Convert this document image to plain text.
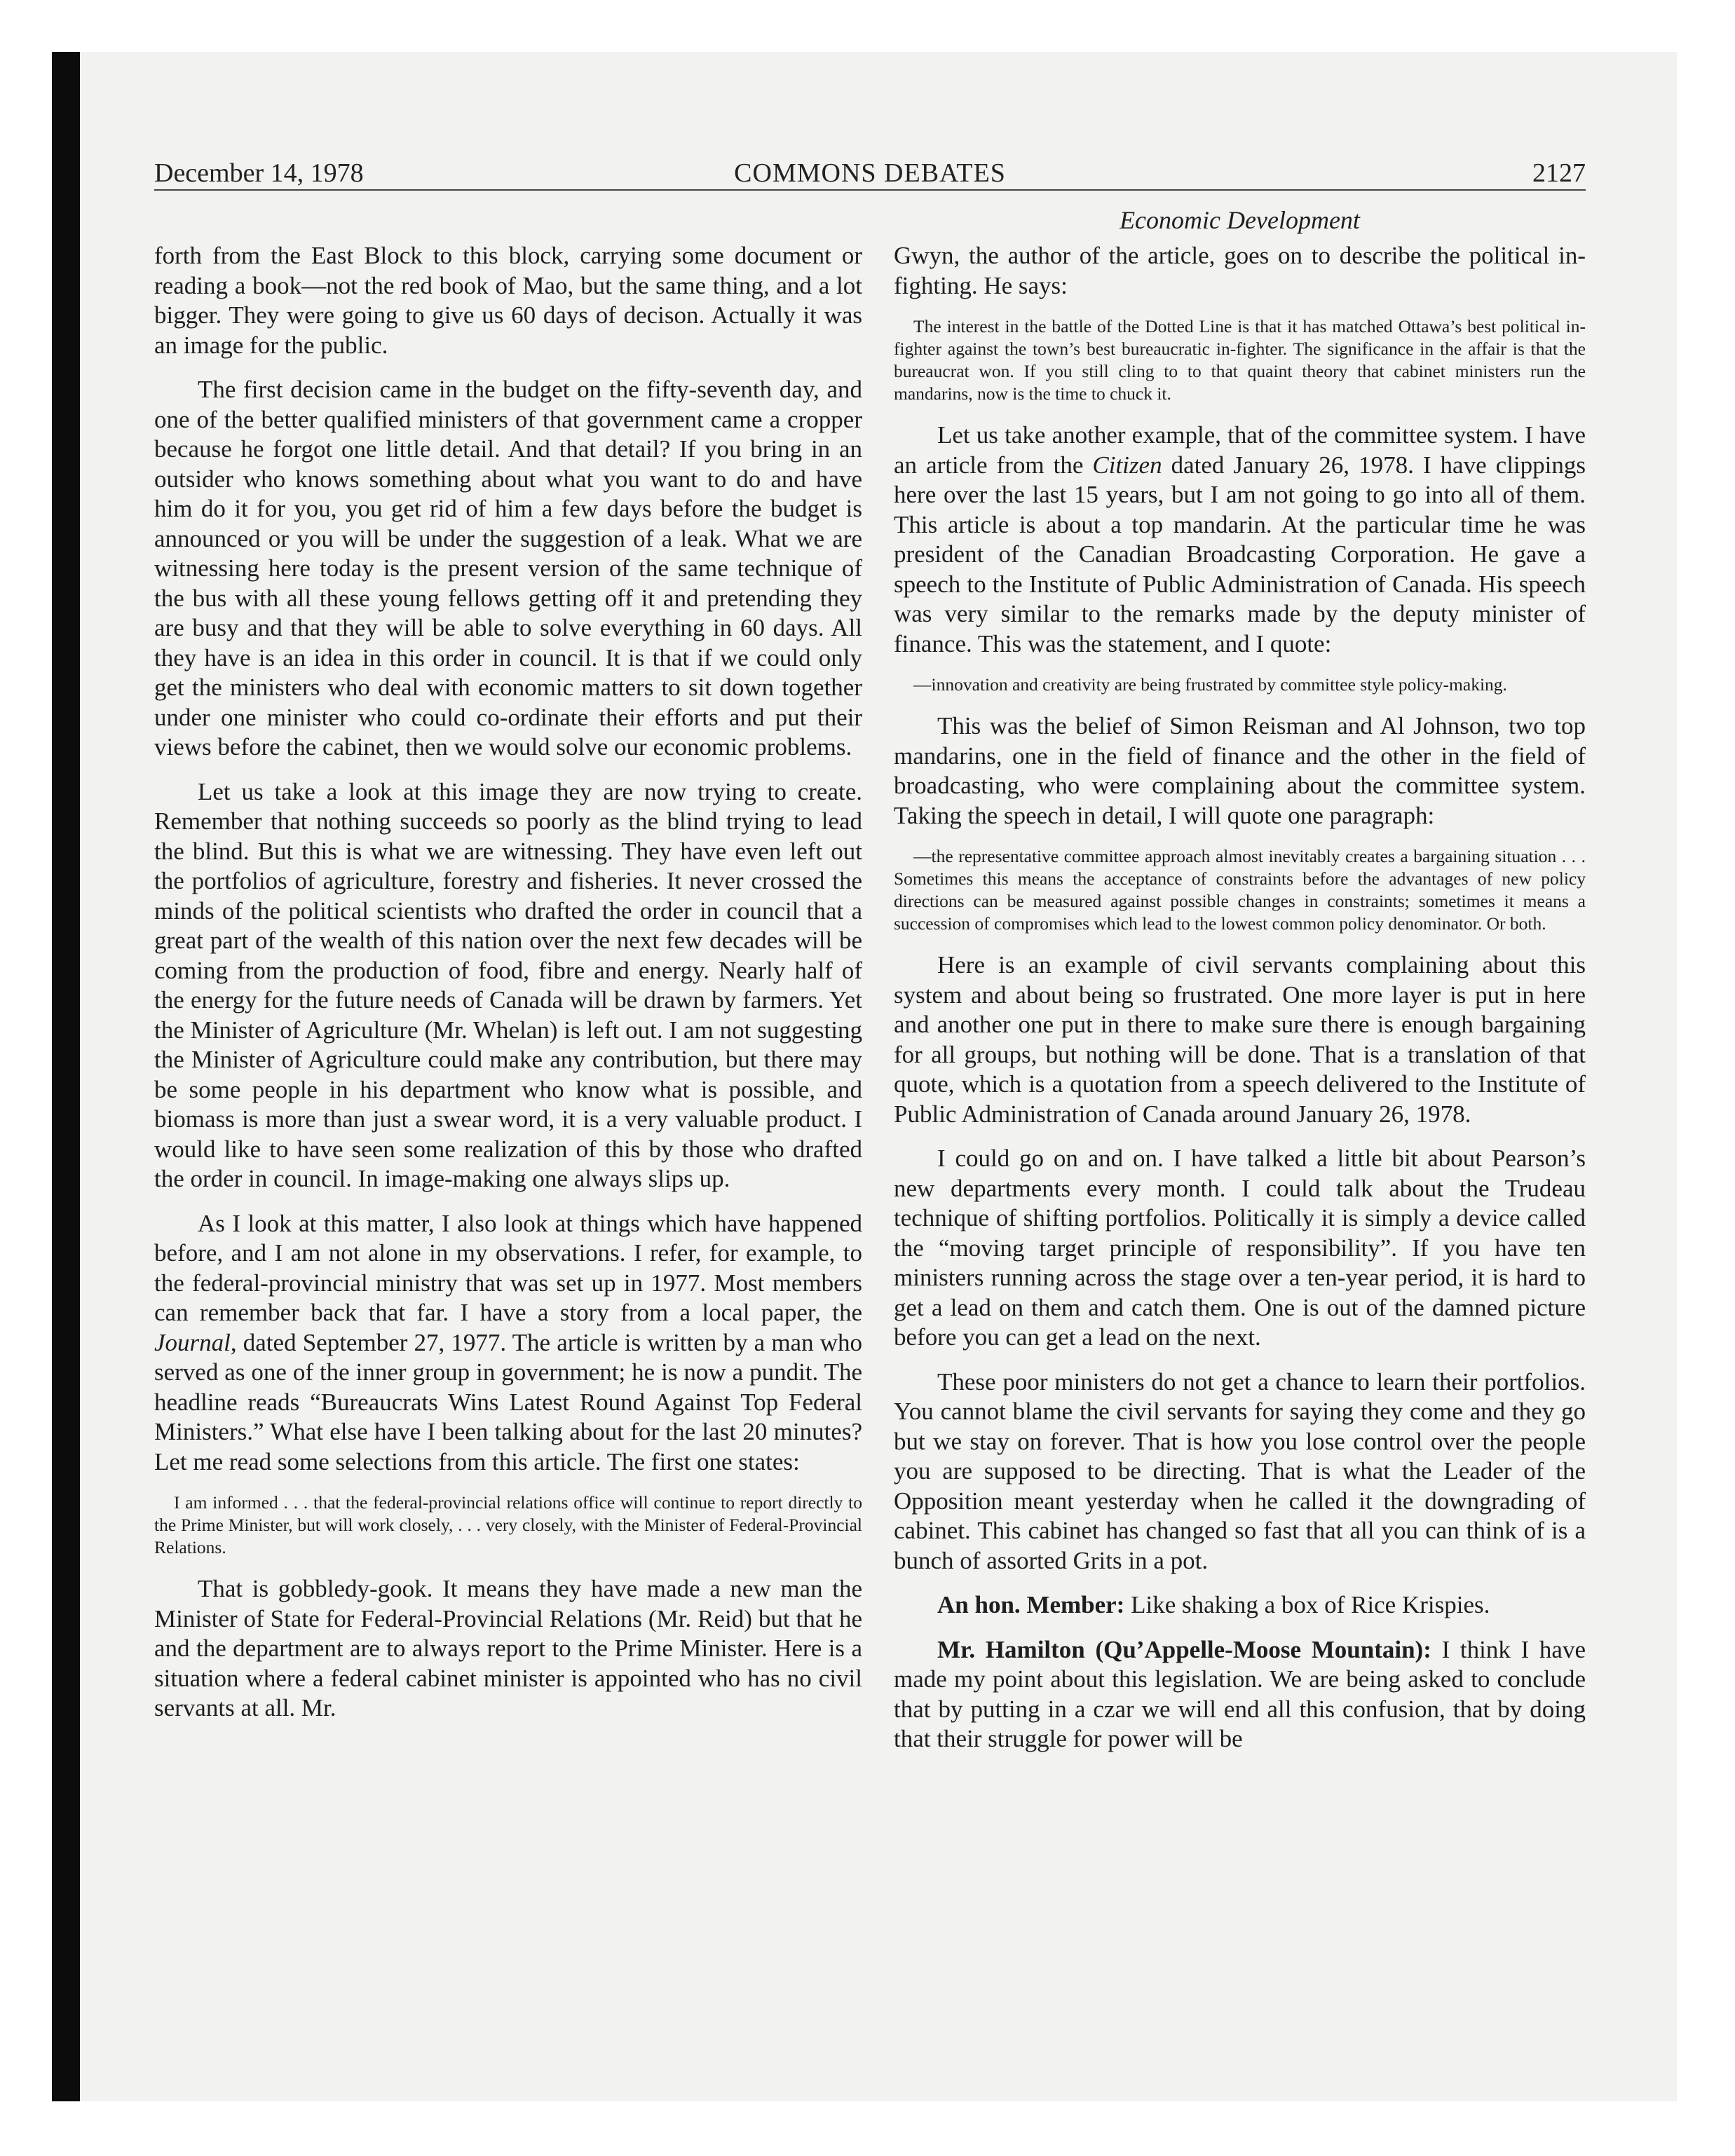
December 14, 1978	COMMONS DEBATES	2127
Economic Development

forth from the East Block to this block, carrying some document or reading a book—not the red book of Mao, but the same thing, and a lot bigger. They were going to give us 60 days of decison. Actually it was an image for the public.

The first decision came in the budget on the fifty-seventh day, and one of the better qualified ministers of that government came a cropper because he forgot one little detail. And that detail? If you bring in an outsider who knows something about what you want to do and have him do it for you, you get rid of him a few days before the budget is announced or you will be under the suggestion of a leak. What we are witnessing here today is the present version of the same technique of the bus with all these young fellows getting off it and pretending they are busy and that they will be able to solve everything in 60 days. All they have is an idea in this order in council. It is that if we could only get the ministers who deal with economic matters to sit down together under one minister who could co-ordinate their efforts and put their views before the cabinet, then we would solve our economic problems.

Let us take a look at this image they are now trying to create. Remember that nothing succeeds so poorly as the blind trying to lead the blind. But this is what we are witnessing. They have even left out the portfolios of agriculture, forestry and fisheries. It never crossed the minds of the political scientists who drafted the order in council that a great part of the wealth of this nation over the next few decades will be coming from the production of food, fibre and energy. Nearly half of the energy for the future needs of Canada will be drawn by farmers. Yet the Minister of Agriculture (Mr. Whelan) is left out. I am not suggesting the Minister of Agriculture could make any contribution, but there may be some people in his department who know what is possible, and biomass is more than just a swear word, it is a very valuable product. I would like to have seen some realization of this by those who drafted the order in council. In image-making one always slips up.

As I look at this matter, I also look at things which have happened before, and I am not alone in my observations. I refer, for example, to the federal-provincial ministry that was set up in 1977. Most members can remember back that far. I have a story from a local paper, the Journal, dated September 27, 1977. The article is written by a man who served as one of the inner group in government; he is now a pundit. The headline reads “Bureaucrats Wins Latest Round Against Top Federal Ministers.” What else have I been talking about for the last 20 minutes? Let me read some selections from this article. The first one states:

I am informed . . . that the federal-provincial relations office will continue to report directly to the Prime Minister, but will work closely, . . . very closely, with the Minister of Federal-Provincial Relations.

That is gobbledy-gook. It means they have made a new man the Minister of State for Federal-Provincial Relations (Mr. Reid) but that he and the department are to always report to the Prime Minister. Here is a situation where a federal cabinet minister is appointed who has no civil servants at all. Mr.

Gwyn, the author of the article, goes on to describe the political in-fighting. He says:

The interest in the battle of the Dotted Line is that it has matched Ottawa’s best political in-fighter against the town’s best bureaucratic in-fighter. The significance in the affair is that the bureaucrat won. If you still cling to to that quaint theory that cabinet ministers run the mandarins, now is the time to chuck it.

Let us take another example, that of the committee system. I have an article from the Citizen dated January 26, 1978. I have clippings here over the last 15 years, but I am not going to go into all of them. This article is about a top mandarin. At the particular time he was president of the Canadian Broadcasting Corporation. He gave a speech to the Institute of Public Administration of Canada. His speech was very similar to the remarks made by the deputy minister of finance. This was the statement, and I quote:

—innovation and creativity are being frustrated by committee style policy-making.

This was the belief of Simon Reisman and Al Johnson, two top mandarins, one in the field of finance and the other in the field of broadcasting, who were complaining about the committee system. Taking the speech in detail, I will quote one paragraph:

—the representative committee approach almost inevitably creates a bargaining situation . . . Sometimes this means the acceptance of constraints before the advantages of new policy directions can be measured against possible changes in constraints; sometimes it means a succession of compromises which lead to the lowest common policy denominator. Or both.

Here is an example of civil servants complaining about this system and about being so frustrated. One more layer is put in here and another one put in there to make sure there is enough bargaining for all groups, but nothing will be done. That is a translation of that quote, which is a quotation from a speech delivered to the Institute of Public Administration of Canada around January 26, 1978.

I could go on and on. I have talked a little bit about Pearson’s new departments every month. I could talk about the Trudeau technique of shifting portfolios. Politically it is simply a device called the “moving target principle of responsibility”. If you have ten ministers running across the stage over a ten-year period, it is hard to get a lead on them and catch them. One is out of the damned picture before you can get a lead on the next.

These poor ministers do not get a chance to learn their portfolios. You cannot blame the civil servants for saying they come and they go but we stay on forever. That is how you lose control over the people you are supposed to be directing. That is what the Leader of the Opposition meant yesterday when he called it the downgrading of cabinet. This cabinet has changed so fast that all you can think of is a bunch of assorted Grits in a pot.

An hon. Member: Like shaking a box of Rice Krispies.

Mr. Hamilton (Qu’Appelle-Moose Mountain): I think I have made my point about this legislation. We are being asked to conclude that by putting in a czar we will end all this confusion, that by doing that their struggle for power will be
